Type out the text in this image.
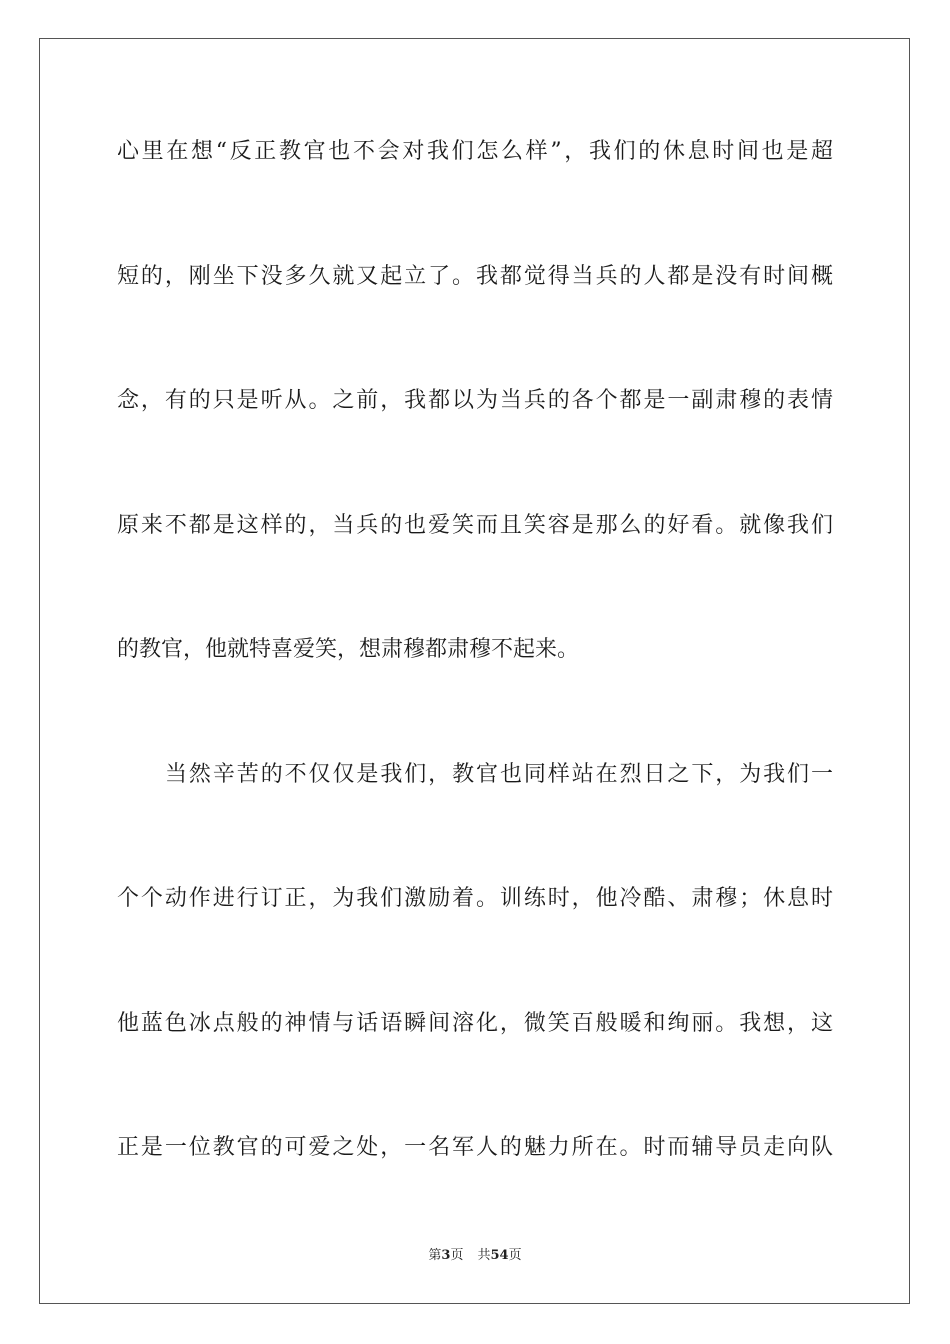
心里在想“反正教官也不会对我们怎么样”，我们的休息时间也是超
短的，刚坐下没多久就又起立了。我都觉得当兵的人都是没有时间概
念，有的只是听从。之前，我都以为当兵的各个都是一副肃穆的表情
原来不都是这样的，当兵的也爱笑而且笑容是那么的好看。就像我们
的教官，他就特喜爱笑，想肃穆都肃穆不起来。
当然辛苦的不仅仅是我们，教官也同样站在烈日之下，为我们一
个个动作进行订正，为我们激励着。训练时，他冷酷、肃穆；休息时
他蓝色冰点般的神情与话语瞬间溶化，微笑百般暖和绚丽。我想，这
正是一位教官的可爱之处，一名军人的魅力所在。时而辅导员走向队
第3页 共54页
